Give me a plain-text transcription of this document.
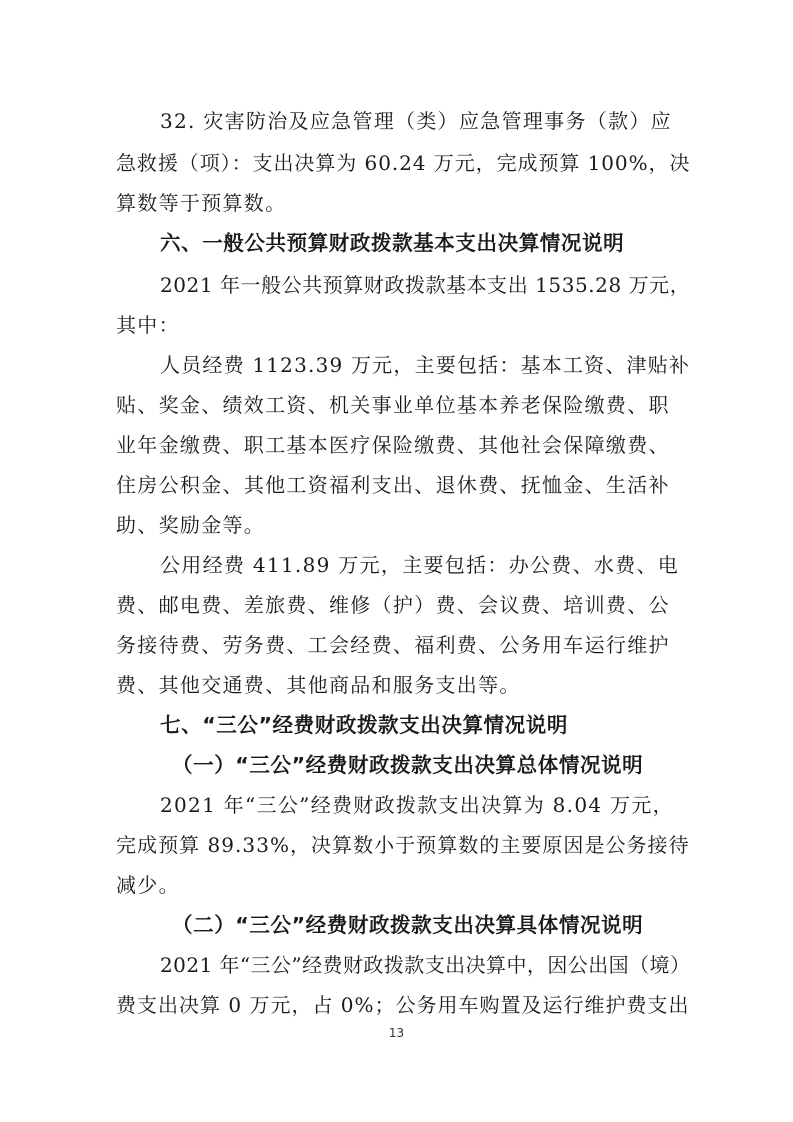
32. 灾害防治及应急管理（类）应急管理事务（款）应
急救援（项）：支出决算为 60.24 万元，完成预算 100%，决
算数等于预算数。
六、一般公共预算财政拨款基本支出决算情况说明
2021 年一般公共预算财政拨款基本支出 1535.28 万元，
其中：
人员经费 1123.39 万元，主要包括：基本工资、津贴补
贴、奖金、绩效工资、机关事业单位基本养老保险缴费、职
业年金缴费、职工基本医疗保险缴费、其他社会保障缴费、
住房公积金、其他工资福利支出、退休费、抚恤金、生活补
助、奖励金等。
公用经费 411.89 万元，主要包括：办公费、水费、电
费、邮电费、差旅费、维修（护）费、会议费、培训费、公
务接待费、劳务费、工会经费、福利费、公务用车运行维护
费、其他交通费、其他商品和服务支出等。
七、“三公”经费财政拨款支出决算情况说明
（一）“三公”经费财政拨款支出决算总体情况说明
2021 年“三公”经费财政拨款支出决算为 8.04 万元，
完成预算 89.33%，决算数小于预算数的主要原因是公务接待
减少。
（二）“三公”经费财政拨款支出决算具体情况说明
2021 年“三公”经费财政拨款支出决算中，因公出国（境）
费支出决算 0 万元，占 0%；公务用车购置及运行维护费支出
13
